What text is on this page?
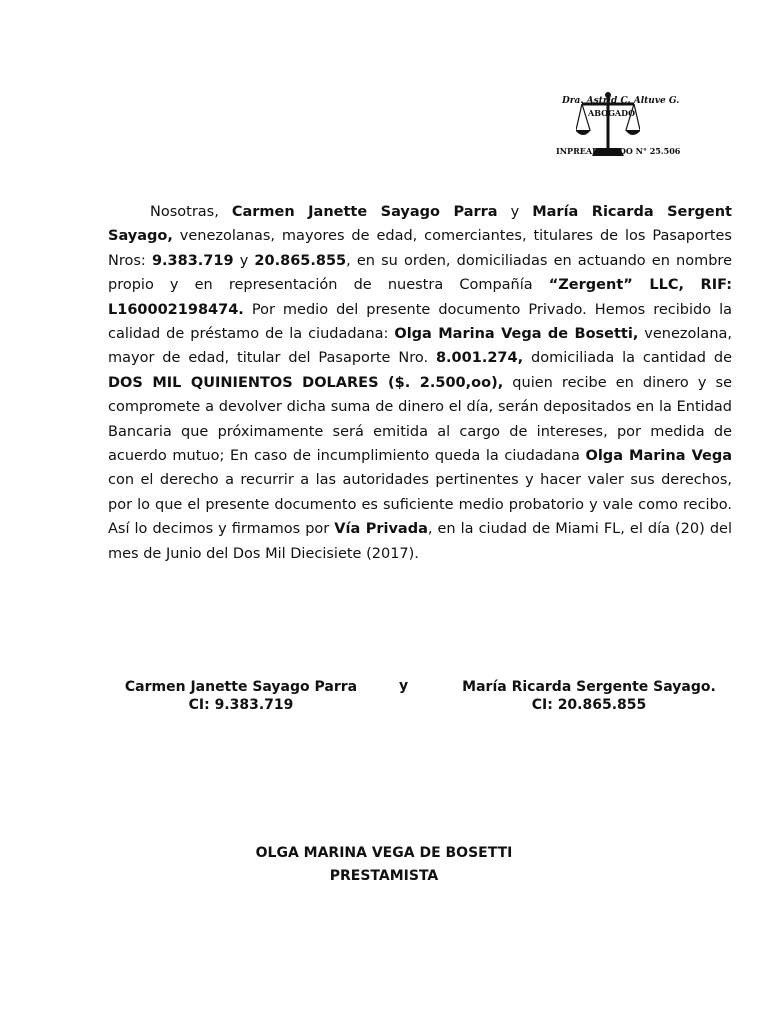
Dra. Astrid C. Altuve G.
ABOGADO
INPREABOGADO N° 25.506
Nosotras, Carmen Janette Sayago Parra y María Ricarda Sergent Sayago, venezolanas, mayores de edad, comerciantes, titulares de los Pasaportes Nros: 9.383.719 y 20.865.855, en su orden, domiciliadas en actuando en nombre propio y en representación de nuestra Compañía “Zergent” LLC, RIF: L160002198474. Por medio del presente documento Privado. Hemos recibido la calidad de préstamo de la ciudadana: Olga Marina Vega de Bosetti, venezolana, mayor de edad, titular del Pasaporte Nro. 8.001.274, domiciliada la cantidad de DOS MIL QUINIENTOS DOLARES ($. 2.500,oo), quien recibe en dinero y se compromete a devolver dicha suma de dinero el día, serán depositados en la Entidad Bancaria que próximamente será emitida al cargo de intereses, por medida de acuerdo mutuo; En caso de incumplimiento queda la ciudadana Olga Marina Vega con el derecho a recurrir a las autoridades pertinentes y hacer valer sus derechos, por lo que el presente documento es suficiente medio probatorio y vale como recibo. Así lo decimos y firmamos por Vía Privada, en la ciudad de Miami FL, el día (20) del mes de Junio del Dos Mil Diecisiete (2017).
Carmen Janette Sayago Parra
CI: 9.383.719
y	María Ricarda Sergente Sayago.
CI: 20.865.855
OLGA MARINA VEGA DE BOSETTI
PRESTAMISTA
